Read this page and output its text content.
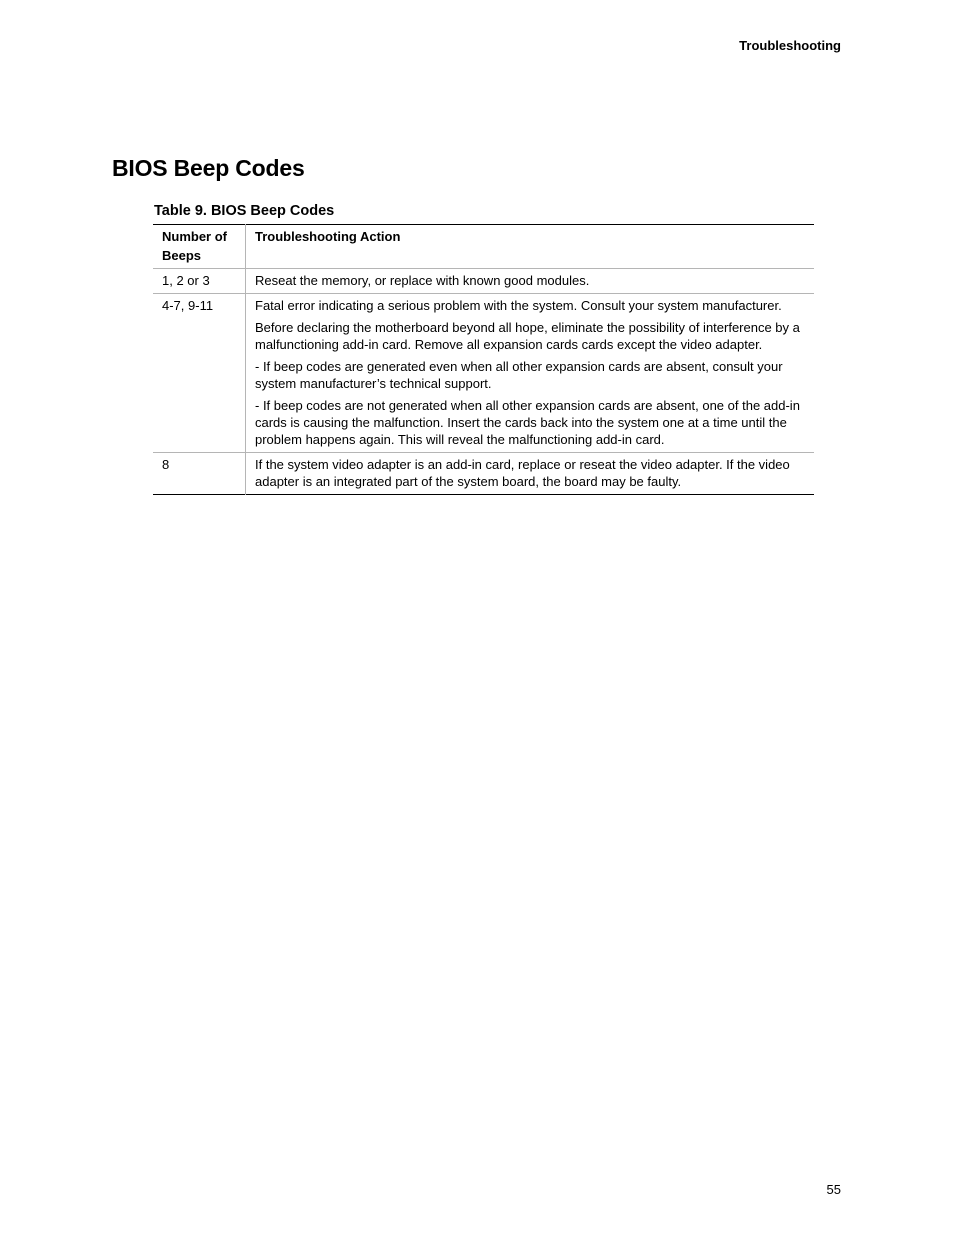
Troubleshooting
BIOS Beep Codes
Table 9. BIOS Beep Codes
Number of Beeps	Troubleshooting Action
1, 2 or 3	Reseat the memory, or replace with known good modules.

4-7, 9-11	Fatal error indicating a serious problem with the system. Consult your system manufacturer.

Before declaring the motherboard beyond all hope, eliminate the possibility of interference by a malfunctioning add-in card. Remove all expansion cards cards except the video adapter.

- If beep codes are generated even when all other expansion cards are absent, consult your system manufacturer’s technical support.

- If beep codes are not generated when all other expansion cards are absent, one of the add-in cards is causing the malfunction. Insert the cards back into the system one at a time until the problem happens again. This will reveal the malfunctioning add-in card.

8	If the system video adapter is an add-in card, replace or reseat the video adapter. If the video adapter is an integrated part of the system board, the board may be faulty.

55
